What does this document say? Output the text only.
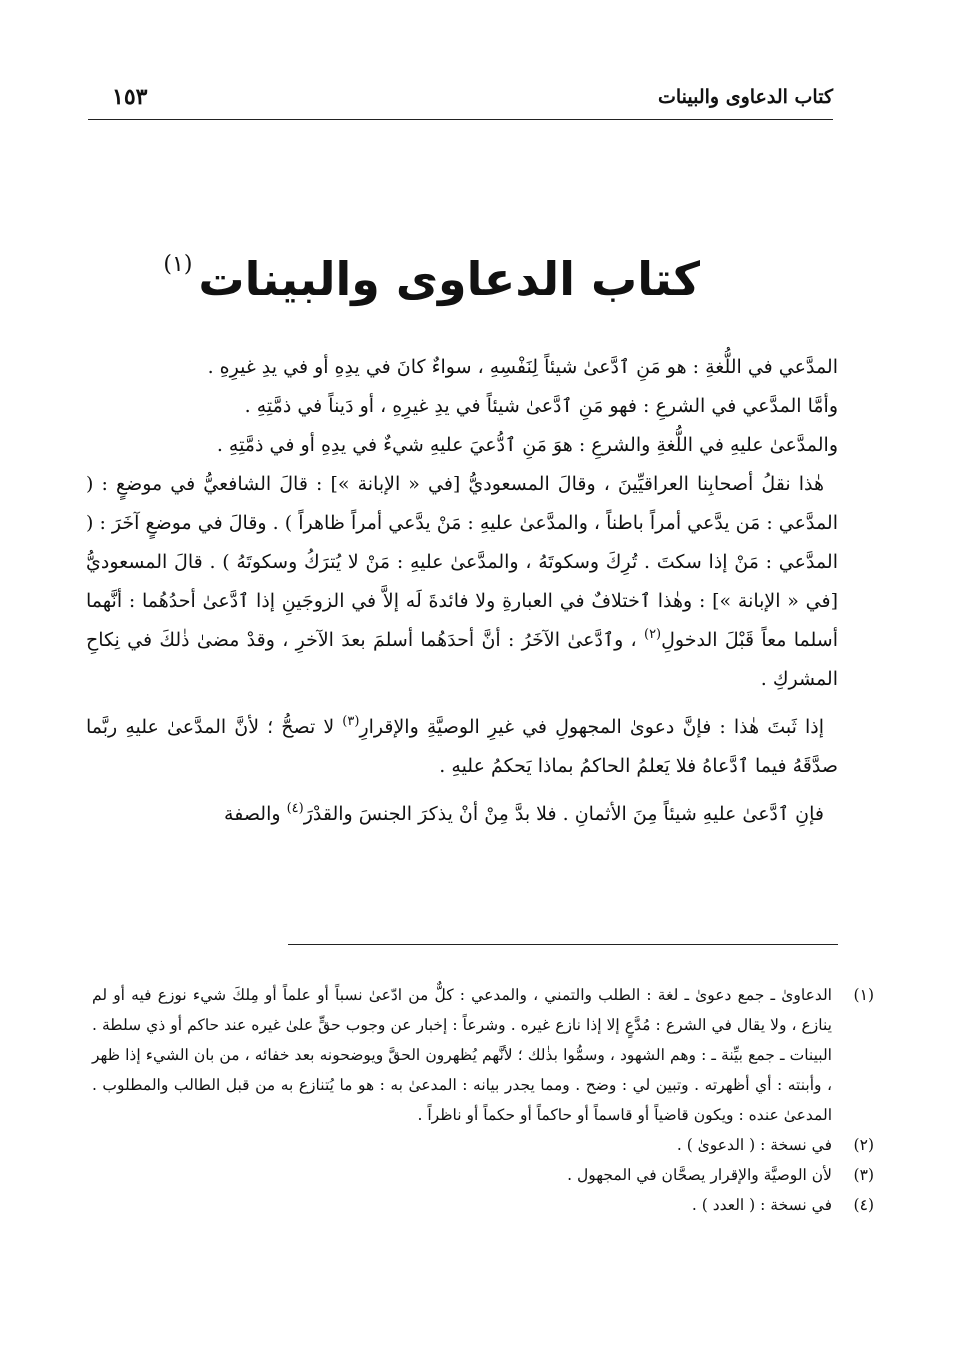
كتاب الدعاوى والبينات
١٥٣
كتاب الدعاوى والبينات$^{(١)}$

المدَّعي في اللُّغةِ : هو مَنِ ٱدَّعىٰ شيئاً لِنَفْسِهِ ، سواءٌ كانَ في يدِهِ أو في يدِ غيرِهِ .

وأمَّا المدَّعي في الشرعِ : فهو مَنِ ٱدَّعىٰ شيئاً في يدِ غيرِهِ ، أو دَيناً في ذمَّتِهِ .

والمدَّعىٰ عليهِ في اللُّغةِ والشرعِ : هوَ مَنِ ٱدُّعيَ عليهِ شيءٌ في يدِهِ أو في ذمَّتِهِ .

هٰذا نقلُ أصحابِنا العراقيِّينَ ، وقالَ المسعوديُّ [في « الإبانة »] : قالَ الشافعيُّ في موضعٍ : ( المدَّعي : مَن يدَّعي أمراً باطناً ، والمدَّعىٰ عليهِ : مَنْ يدَّعي أمراً ظاهراً ) . وقالَ في موضعٍ آخَرَ : ( المدَّعي : مَنْ إذا سكتَ . تُرِكَ وسكوتَهُ ، والمدَّعىٰ عليهِ : مَنْ لا يُترَكُ وسكوتَهُ ) . قالَ المسعوديُّ [في « الإبانة »] : وهٰذا ٱختلافٌ في العبارةِ ولا فائدةَ لَه إلاَّ في الزوجَينِ إذا ٱدَّعىٰ أحدُهُما : أنَّهما أسلما معاً قَبْلَ الدخولِ$^{(٢)}$ ، وٱدَّعىٰ الآخَرُ : أنَّ أحدَهُما أسلمَ بعدَ الآخرِ ، وقدْ مضىٰ ذٰلكَ في نِكاحِ المشركِ .

إذا ثَبتَ هٰذا : فإنَّ دعوىٰ المجهولِ في غيرِ الوصيَّةِ والإقرارِ$^{(٣)}$ لا تصحُّ ؛ لأنَّ المدَّعىٰ عليهِ ربَّما صدَّقَهُ فيما ٱدَّعاهُ فلا يَعلمُ الحاكمُ بماذا يَحكمُ عليهِ .

فإنِ ٱدَّعىٰ عليهِ شيئاً مِنَ الأثمانِ . فلا بدَّ مِنْ أنْ يذكرَ الجنسَ والقدْرَ$^{(٤)}$ والصفة

(١)
الدعاوىٰ ـ جمع دعوىٰ ـ لغة : الطلب والتمني ، والمدعي : كلٌّ من ادّعىٰ نسباً أو علماً أو مِلكَ شيء نوزع فيه أو لم ينازع ، ولا يقال في الشرع : مُدَّعٍ إلا إذا نازع غيره . وشرعاً : إخبار عن وجوب حقٍّ علىٰ غيره عند حاكم أو ذي سلطة . البينات ـ جمع بيِّنة ـ : وهم الشهود ، وسمُّوا بذٰلك ؛ لأنَّهم يُظهرون الحقَّ ويوضحونه بعد خفائه ، من بان الشيء إذا ظهر ، وأبنته : أي أظهرته . وتبين لي : وضح . ومما يجدر بيانه : المدعىٰ به : هو ما يُتنازع به من قبل الطالب والمطلوب . المدعىٰ عنده : ويكون قاضياً أو قاسماً أو حاكماً أو حكماً أو ناظراً .
(٢)
في نسخة : ( الدعوىٰ ) .
(٣)
لأن الوصيَّة والإقرار يصحَّان في المجهول .
(٤)
في نسخة : ( العدد ) .
